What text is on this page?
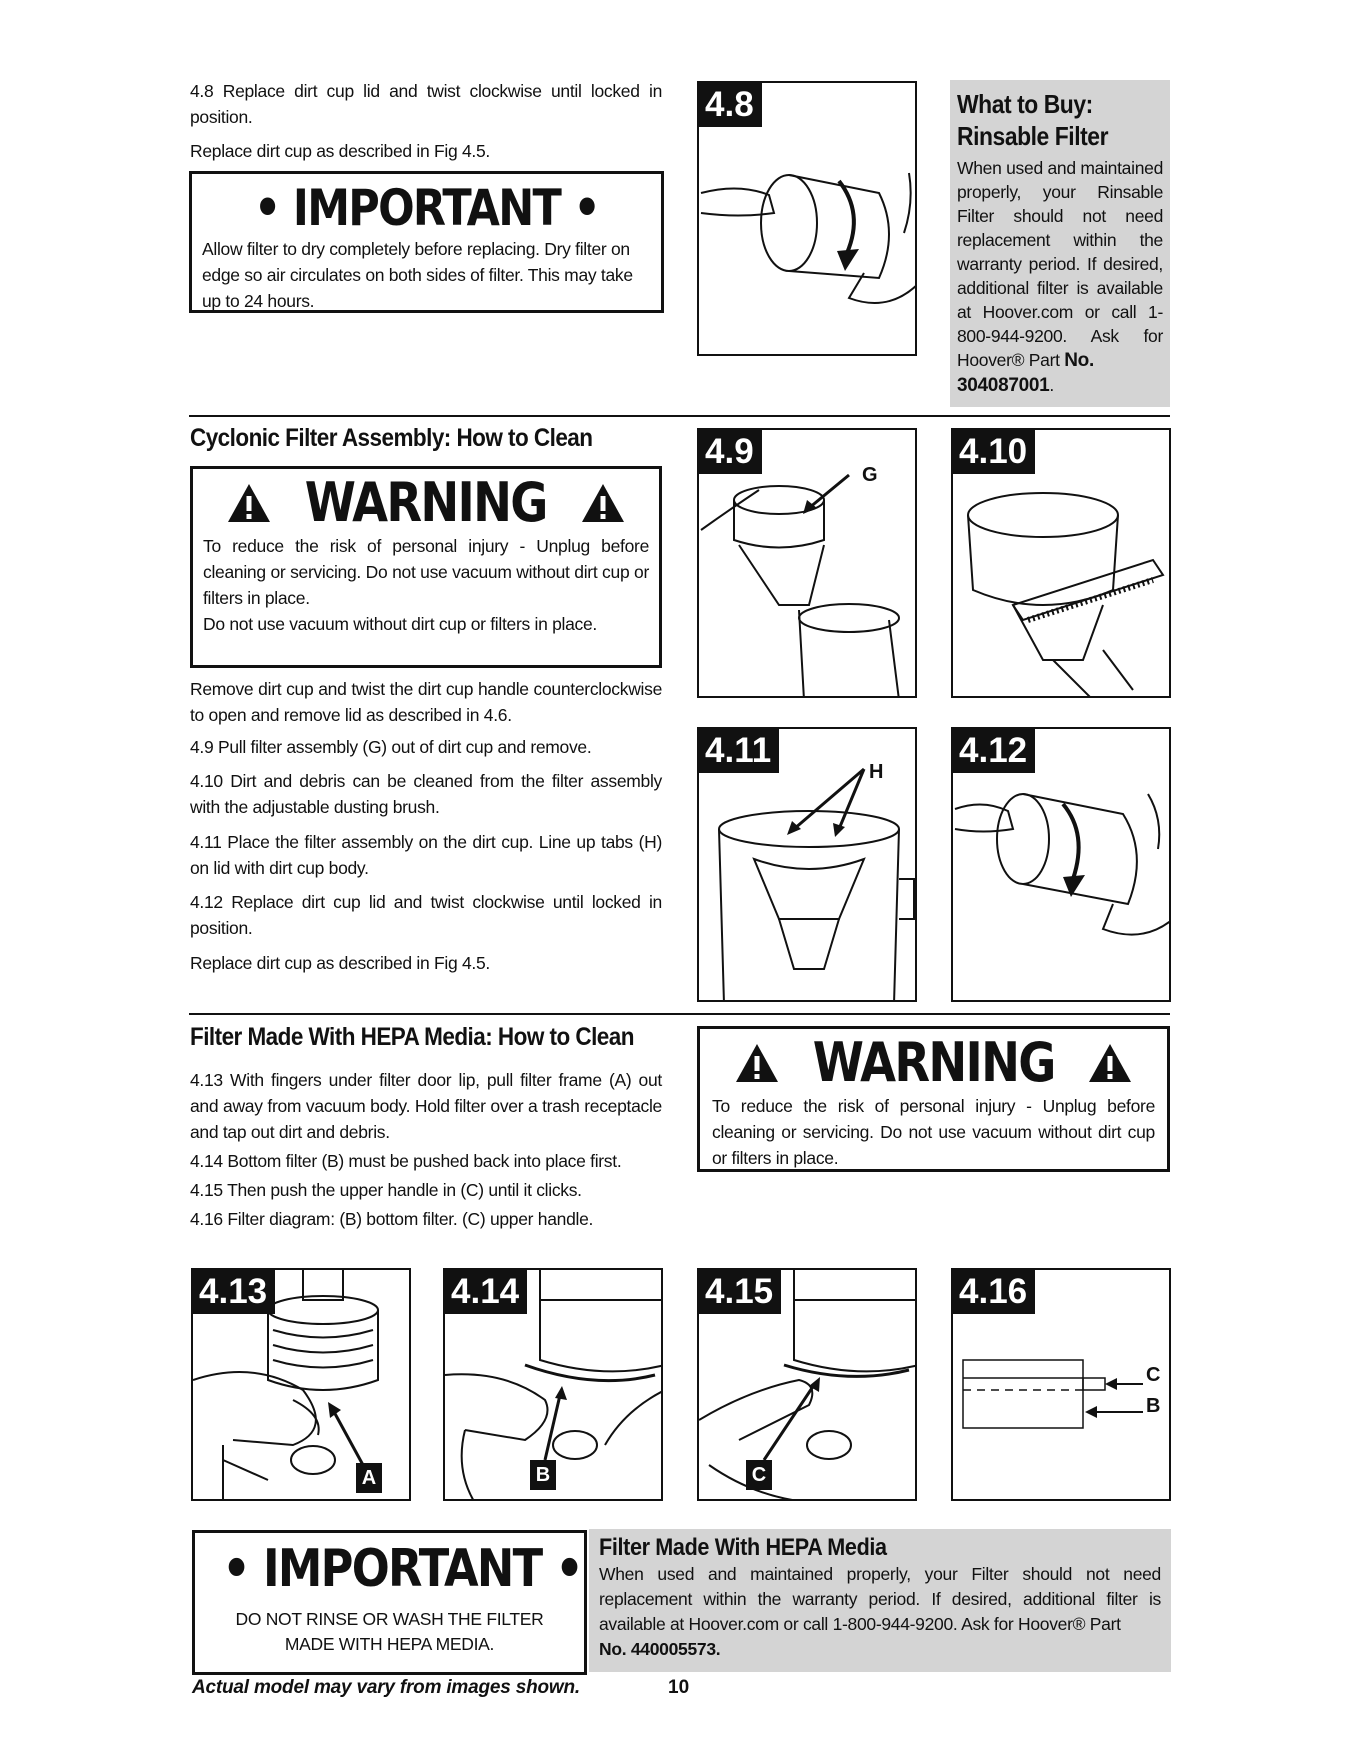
4.8 Replace dirt cup lid and twist clockwise until locked in position.

Replace dirt cup as described in Fig 4.5.

• IMPORTANT •

Allow filter to dry completely before replacing. Dry filter on edge so air circulates on both sides of filter. This may take up to 24 hours.

4.8	What to Buy:
Rinsable Filter

When used and maintained properly, your Rinsable Filter should not need replacement within the warranty period. If desired, additional filter is available at Hoover.com or call 1-800-944-9200. Ask for Hoover® Part No.
304087001.

Cyclonic Filter Assembly: How to Clean
WARNING

To reduce the risk of personal injury - Unplug before cleaning or servicing. Do not use vacuum without dirt cup or filters in place.

Do not use vacuum without dirt cup or filters in place.

Remove dirt cup and twist the dirt cup handle counterclockwise to open and remove lid as described in 4.6.

4.9 Pull filter assembly (G) out of dirt cup and remove.

4.10 Dirt and debris can be cleaned from the filter assembly with the adjustable dusting brush.

4.11 Place the filter assembly on the dirt cup. Line up tabs (H) on lid with dirt cup body.

4.12 Replace dirt cup lid and twist clockwise until locked in position.

Replace dirt cup as described in Fig 4.5.

4.9
G
4.10
4.11
H
4.12
Filter Made With HEPA Media: How to Clean

4.13 With fingers under filter door lip, pull filter frame (A) out and away from vacuum body. Hold filter over a trash receptacle and tap out dirt and debris.

4.14 Bottom filter (B) must be pushed back into place first.

4.15 Then push the upper handle in (C) until it clicks.

4.16 Filter diagram: (B) bottom filter. (C) upper handle.

WARNING

To reduce the risk of personal injury - Unplug before cleaning or servicing. Do not use vacuum without dirt cup or filters in place.

4.13
A
4.14
B
4.15
C
4.16
C
B
• IMPORTANT •
DO NOT RINSE OR WASH THE FILTER
MADE WITH HEPA MEDIA.
Filter Made With HEPA Media

When used and maintained properly, your Filter should not need replacement within the warranty period. If desired, additional filter is available at Hoover.com or call 1-800-944-9200. Ask for Hoover® Part
No. 440005573.

Actual model may vary from images shown.	10
